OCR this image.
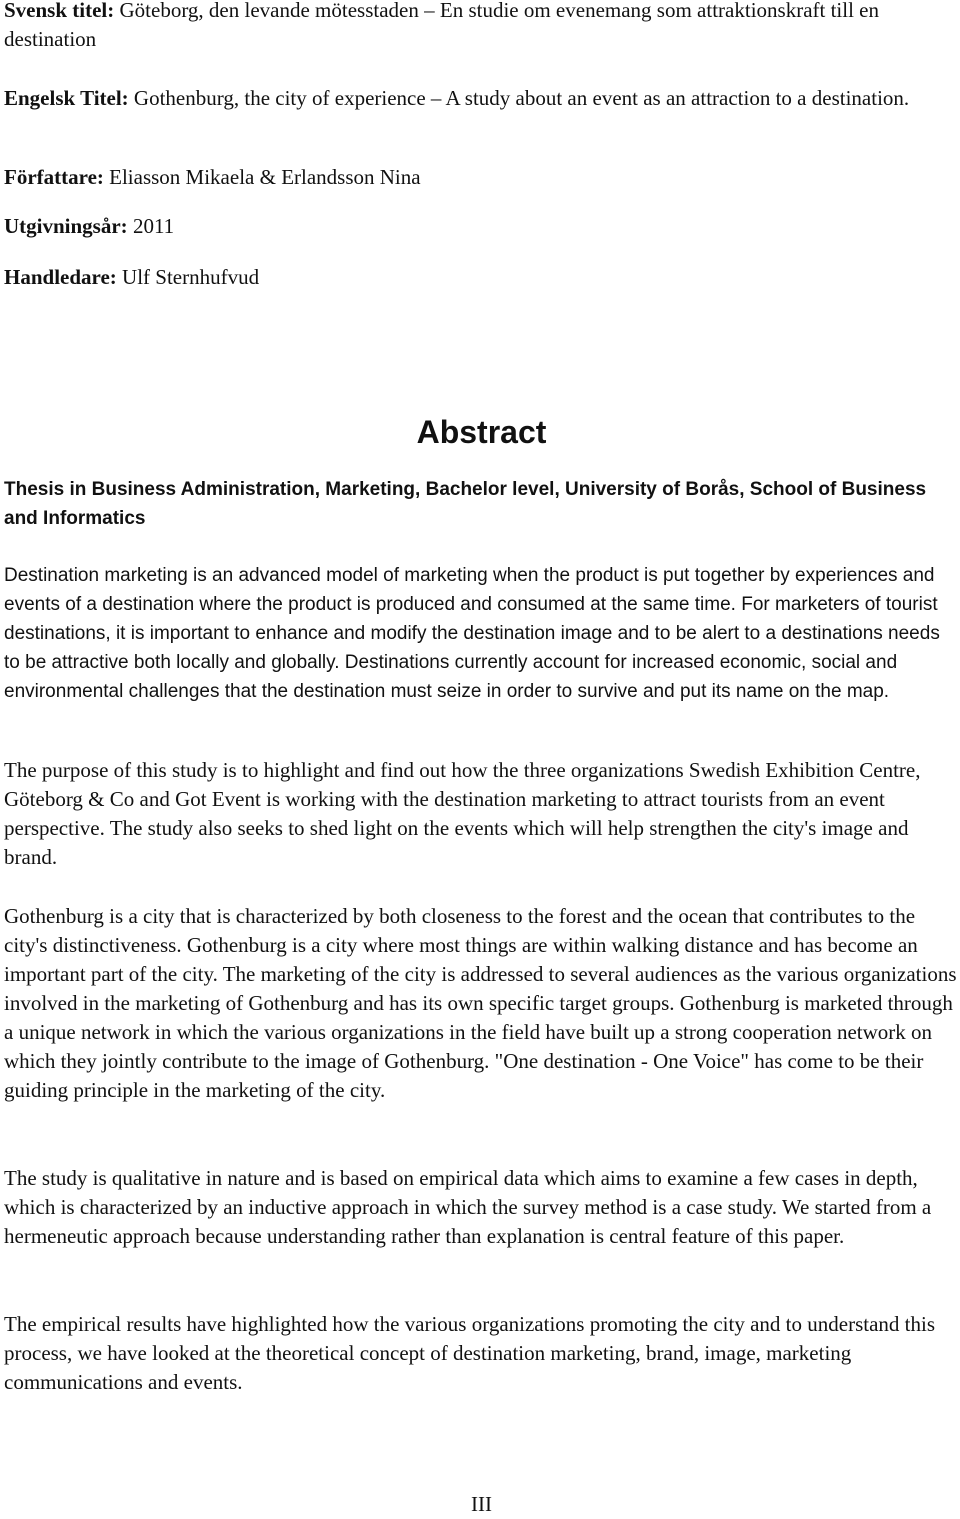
Svensk titel: Göteborg, den levande mötesstaden – En studie om evenemang som attraktionskraft till en destination

Engelsk Titel: Gothenburg, the city of experience – A study about an event as an attraction to a destination.

Författare: Eliasson Mikaela & Erlandsson Nina

Utgivningsår: 2011

Handledare: Ulf Sternhufvud

Abstract

Thesis in Business Administration, Marketing, Bachelor level, University of Borås, School of Business and Informatics

Destination marketing is an advanced model of marketing when the product is put together by experiences and events of a destination where the product is produced and consumed at the same time. For marketers of tourist destinations, it is important to enhance and modify the destination image and to be alert to a destinations needs to be attractive both locally and globally. Destinations currently account for increased economic, social and environmental challenges that the destination must seize in order to survive and put its name on the map.

The purpose of this study is to highlight and find out how the three organizations Swedish Exhibition Centre, Göteborg & Co and Got Event is working with the destination marketing to attract tourists from an event perspective. The study also seeks to shed light on the events which will help strengthen the city's image and brand.

Gothenburg is a city that is characterized by both closeness to the forest and the ocean that contributes to the city's distinctiveness. Gothenburg is a city where most things are within walking distance and has become an important part of the city. The marketing of the city is addressed to several audiences as the various organizations involved in the marketing of Gothenburg and has its own specific target groups. Gothenburg is marketed through a unique network in which the various organizations in the field have built up a strong cooperation network on which they jointly contribute to the image of Gothenburg. "One destination - One Voice" has come to be their guiding principle in the marketing of the city.

The study is qualitative in nature and is based on empirical data which aims to examine a few cases in depth, which is characterized by an inductive approach in which the survey method is a case study. We started from a hermeneutic approach because understanding rather than explanation is central feature of this paper.

The empirical results have highlighted how the various organizations promoting the city and to understand this process, we have looked at the theoretical concept of destination marketing, brand, image, marketing communications and events.

III
